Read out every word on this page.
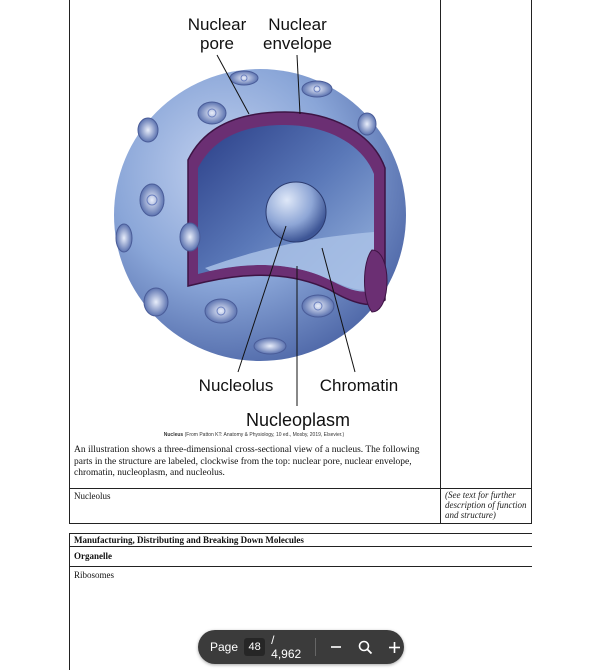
Nuclear pore
Nuclear envelope
Nucleolus	Chromatin
Nucleoplasm
Nucleus (From Patton KT: Anatomy & Physiology, 10 ed., Mosby, 2019, Elsevier.)
An illustration shows a three-dimensional cross-sectional view of a nucleus. The following parts in the structure are labeled, clockwise from the top: nuclear pore, nuclear envelope, chromatin, nucleoplasm, and nucleolus.
Nucleolus	(See text for further description of function and structure)
Manufacturing, Distributing and Breaking Down Molecules
Organelle
Ribosomes
Page 48 / 4,962
